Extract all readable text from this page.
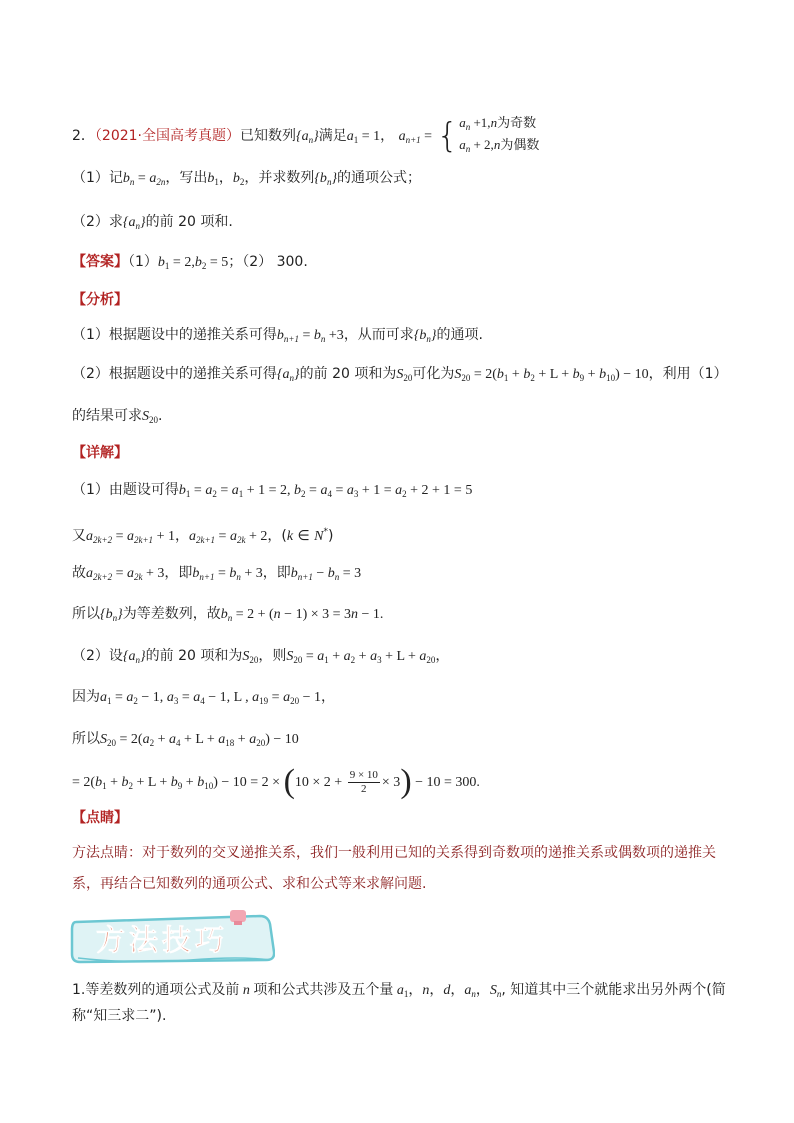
2．（2021·全国高考真题）已知数列$\{a_n\}$满足$a_1 = 1$， $a_{n+1}$ = { $a_n +1,n$为奇数
$a_n + 2,n$为偶数
（1）记$b_n = a_{2n}$，写出$b_1$，$b_2$，并求数列$\{b_n\}$的通项公式；
（2）求$\{a_n\}$的前 20 项和.
【答案】$(1)b_1 = 2,b_2 = 5$；（2） 300.
【分析】
（1）根据题设中的递推关系可得$b_{n+1} = b_n +3$，从而可求$\{b_n\}$的通项.
（2）根据题设中的递推关系可得$\{a_n\}$的前 20 项和为$S_{20}$可化为$S_{20} = 2(b_1 + b_2 + L + b_9 + b_{10}) - 10$，利用（1）
的结果可求$S_{20}$.
【详解】
（1）由题设可得$b_1 = a_2 = a_1 + 1 = 2$, $b_2 = a_4 = a_3 + 1 = a_2 + 2 + 1 = 5$
又$a_{2k+2} = a_{2k+1} + 1$，$a_{2k+1} = a_{2k} + 2$，(k ∈ N*)
故$a_{2k+2} = a_{2k} + 3$，即$b_{n+1} = b_n + 3$，即$b_{n+1} - b_n = 3$
所以$\{b_n\}$为等差数列，故$b_n = 2 + (n - 1) \times 3 = 3n - 1$.
（2）设$\{a_n\}$的前 20 项和为$S_{20}$，则$S_{20} = a_1 + a_2 + a_3 + L + a_{20}$，
因为$a_1 = a_2 - 1$, $a_3 = a_4 - 1$, L , $a_{19} = a_{20} - 1$，
所以$S_{20} = 2(a_2 + a_4 + L + a_{18} + a_{20}) - 10$
= $2(b_1 + b_2 + L + b_9 + b_{10}) - 10 = 2 \times (10 \times 2 + \frac{9 \times 10}{2} \times 3) - 10 = 300$.
【点睛】
方法点睛：对于数列的交叉递推关系，我们一般利用已知的关系得到奇数项的递推关系或偶数项的递推关
系，再结合已知数列的通项公式、求和公式等来求解问题.
方法技巧
1.等差数列的通项公式及前 n 项和公式共涉及五个量 $a_1$，n，d，$a_n$，$S_n$, 知道其中三个就能求出另外两个(简
称“知三求二”).
